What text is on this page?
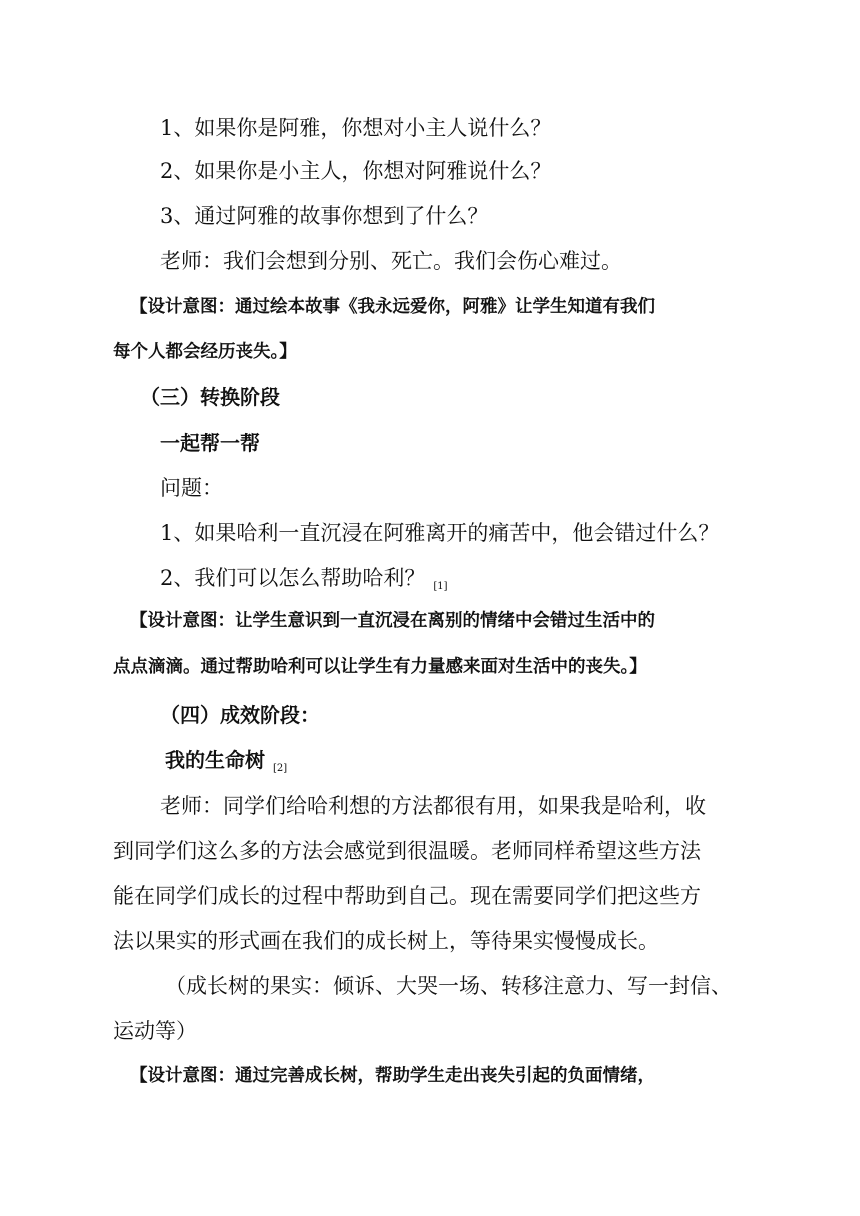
1、如果你是阿雅，你想对小主人说什么？
2、如果你是小主人，你想对阿雅说什么？
3、通过阿雅的故事你想到了什么？
老师：我们会想到分别、死亡。我们会伤心难过。
【设计意图：通过绘本故事《我永远爱你，阿雅》让学生知道有我们
每个人都会经历丧失。】
（三）转换阶段
一起帮一帮
问题：
1、如果哈利一直沉浸在阿雅离开的痛苦中，他会错过什么？
2、我们可以怎么帮助哈利？ [1]
【设计意图：让学生意识到一直沉浸在离别的情绪中会错过生活中的
点点滴滴。通过帮助哈利可以让学生有力量感来面对生活中的丧失。】
（四）成效阶段：
我的生命树 $_{[2]}$
老师：同学们给哈利想的方法都很有用，如果我是哈利，收
到同学们这么多的方法会感觉到很温暖。老师同样希望这些方法
能在同学们成长的过程中帮助到自己。现在需要同学们把这些方
法以果实的形式画在我们的成长树上，等待果实慢慢成长。
（成长树的果实：倾诉、大哭一场、转移注意力、写一封信、
运动等）
【设计意图：通过完善成长树，帮助学生走出丧失引起的负面情绪，
